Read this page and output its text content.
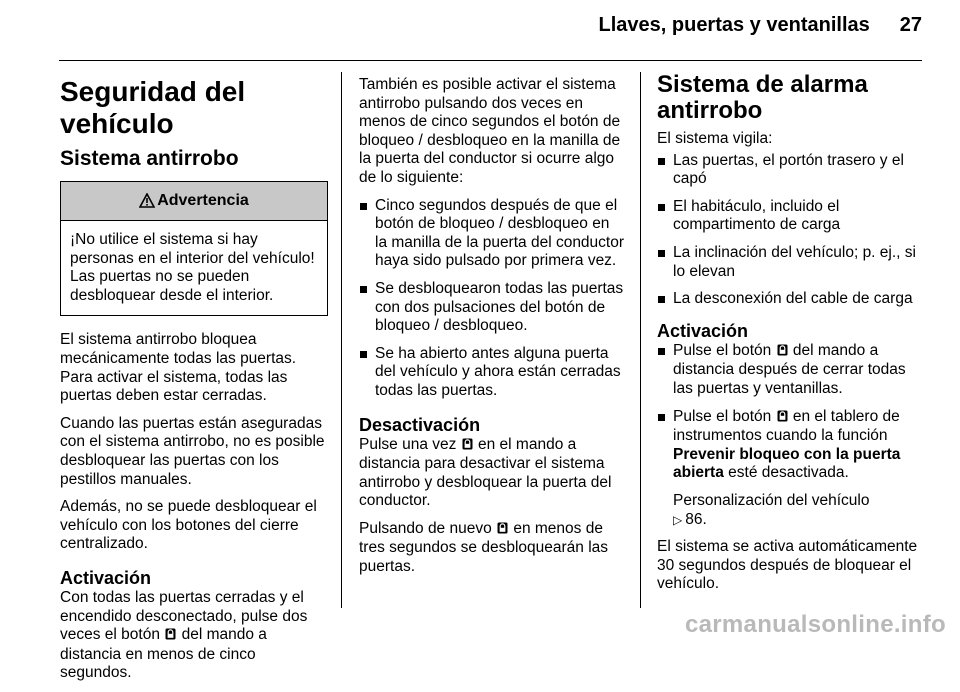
Llaves, puertas y ventanillas 27
Seguridad del vehículo
Sistema antirrobo
Advertencia
¡No utilice el sistema si hay personas en el interior del vehículo! Las puertas no se pueden desbloquear desde el interior.

El sistema antirrobo bloquea mecánicamente todas las puertas. Para activar el sistema, todas las puertas deben estar cerradas.

Cuando las puertas están aseguradas con el sistema antirrobo, no es posible desbloquear las puertas con los pestillos manuales.

Además, no se puede desbloquear el vehículo con los botones del cierre centralizado.

Activación

Con todas las puertas cerradas y el encendido desconectado, pulse dos veces el botón del mando a distancia en menos de cinco segundos.

También es posible activar el sistema antirrobo pulsando dos veces en menos de cinco segundos el botón de bloqueo / desbloqueo en la manilla de la puerta del conductor si ocurre algo de lo siguiente:

Cinco segundos después de que el botón de bloqueo / desbloqueo en la manilla de la puerta del conductor haya sido pulsado por primera vez.
Se desbloquearon todas las puertas con dos pulsaciones del botón de bloqueo / desbloqueo.
Se ha abierto antes alguna puerta del vehículo y ahora están cerradas todas las puertas.
Desactivación

Pulse una vez en el mando a distancia para desactivar el sistema antirrobo y desbloquear la puerta del conductor.

Pulsando de nuevo en menos de tres segundos se desbloquearán las puertas.

Sistema de alarma antirrobo

El sistema vigila:

Las puertas, el portón trasero y el capó
El habitáculo, incluido el compartimento de carga
La inclinación del vehículo; p. ej., si lo elevan
La desconexión del cable de carga
Activación
Pulse el botón del mando a distancia después de cerrar todas las puertas y ventanillas.
Pulse el botón en el tablero de instrumentos cuando la función Prevenir bloqueo con la puerta abierta esté desactivada.
Personalización del vehículo
▷ 86.

El sistema se activa automáticamente 30 segundos después de bloquear el vehículo.

carmanualsonline.info
